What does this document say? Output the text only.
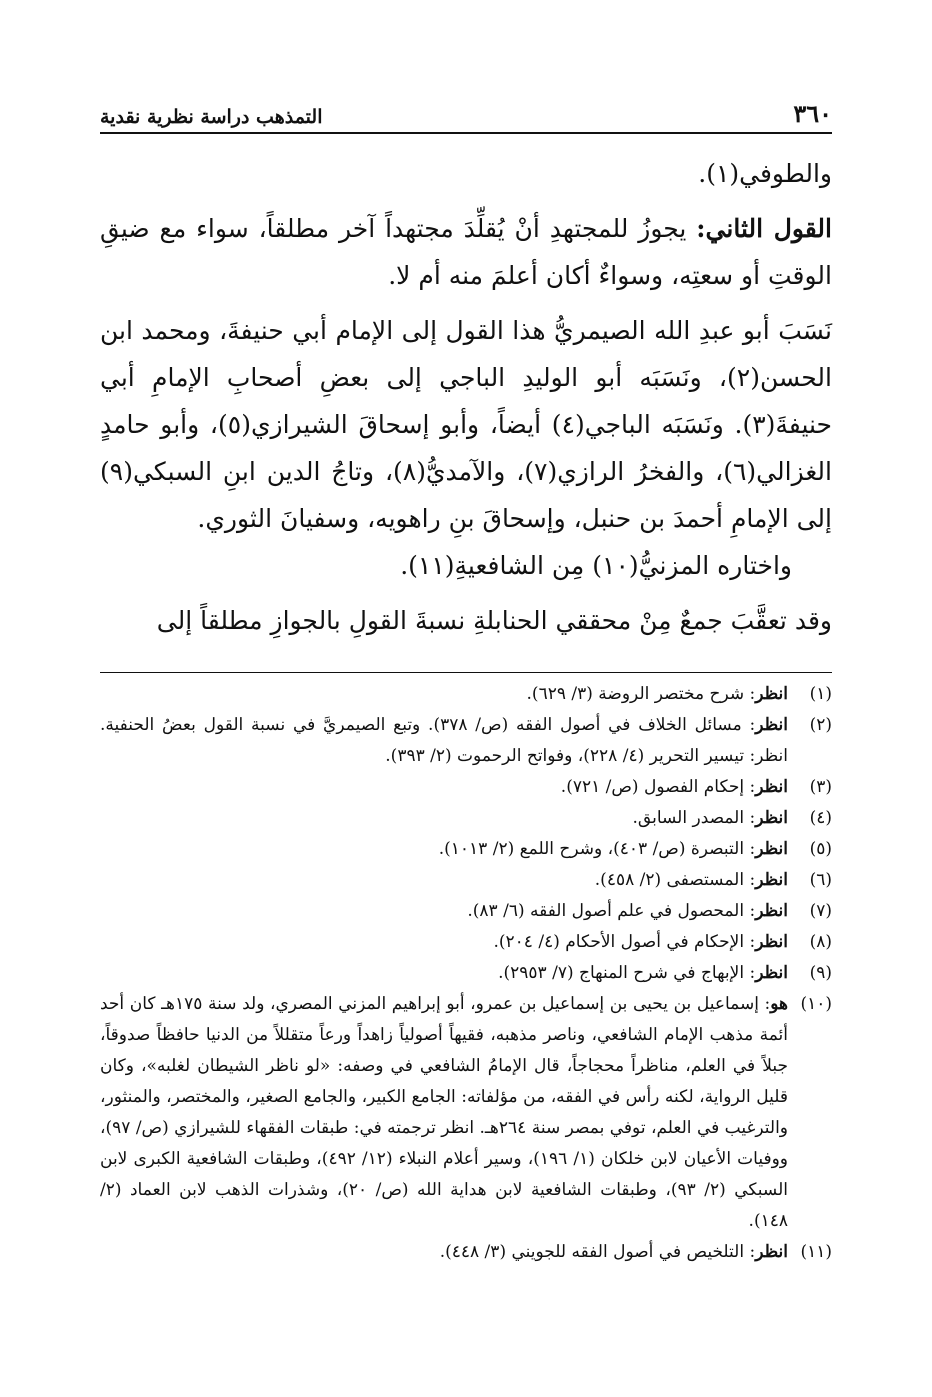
٣٦٠
التمذهب دراسة نظرية نقدية

والطوفي(١).

القول الثاني: يجوزُ للمجتهدِ أنْ يُقلِّدَ مجتهداً آخر مطلقاً، سواء مع ضيقِ الوقتِ أو سعتِه، وسواءٌ أكان أعلمَ منه أم لا.

نَسَبَ أبو عبدِ الله الصيمريُّ هذا القول إلى الإمام أبي حنيفةَ، ومحمد ابن الحسن(٢)، ونَسَبَه أبو الوليدِ الباجي إلى بعضِ أصحابِ الإمامِ أبي حنيفةَ(٣). ونَسَبَه الباجي(٤) أيضاً، وأبو إسحاقَ الشيرازي(٥)، وأبو حامدٍ الغزالي(٦)، والفخرُ الرازي(٧)، والآمديُّ(٨)، وتاجُ الدين ابنِ السبكي(٩) إلى الإمامِ أحمدَ بن حنبل، وإسحاقَ بنِ راهويه، وسفيانَ الثوري.

واختاره المزنيُّ(١٠) مِن الشافعيةِ(١١).

وقد تعقَّبَ جمعٌ مِنْ محققي الحنابلةِ نسبةَ القولِ بالجوازِ مطلقاً إلى

(١)
انظر: شرح مختصر الروضة (٣/ ٦٢٩).
(٢)
انظر: مسائل الخلاف في أصول الفقه (ص/ ٣٧٨). وتبع الصيمريَّ في نسبة القول بعضُ الحنفية. انظر: تيسير التحرير (٤/ ٢٢٨)، وفواتح الرحموت (٢/ ٣٩٣).
(٣)
انظر: إحكام الفصول (ص/ ٧٢١).
(٤)
انظر: المصدر السابق.
(٥)
انظر: التبصرة (ص/ ٤٠٣)، وشرح اللمع (٢/ ١٠١٣).
(٦)
انظر: المستصفى (٢/ ٤٥٨).
(٧)
انظر: المحصول في علم أصول الفقه (٦/ ٨٣).
(٨)
انظر: الإحكام في أصول الأحكام (٤/ ٢٠٤).
(٩)
انظر: الإبهاج في شرح المنهاج (٧/ ٢٩٥٣).
(١٠)
هو: إسماعيل بن يحيى بن إسماعيل بن عمرو، أبو إبراهيم المزني المصري، ولد سنة ١٧٥هـ كان أحد أئمة مذهب الإمام الشافعي، وناصر مذهبه، فقيهاً أصولياً زاهداً ورعاً متقللاً من الدنيا حافظاً صدوقاً، جبلاً في العلم، مناظراً محجاجاً، قال الإمامُ الشافعي في وصفه: «لو ناظر الشيطان لغلبه»، وكان قليل الرواية، لكنه رأس في الفقه، من مؤلفاته: الجامع الكبير، والجامع الصغير، والمختصر، والمنثور، والترغيب في العلم، توفي بمصر سنة ٢٦٤هـ. انظر ترجمته في: طبقات الفقهاء للشيرازي (ص/ ٩٧)، ووفيات الأعيان لابن خلكان (١/ ١٩٦)، وسير أعلام النبلاء (١٢/ ٤٩٢)، وطبقات الشافعية الكبرى لابن السبكي (٢/ ٩٣)، وطبقات الشافعية لابن هداية الله (ص/ ٢٠)، وشذرات الذهب لابن العماد (٢/ ١٤٨).
(١١)
انظر: التلخيص في أصول الفقه للجويني (٣/ ٤٤٨).
